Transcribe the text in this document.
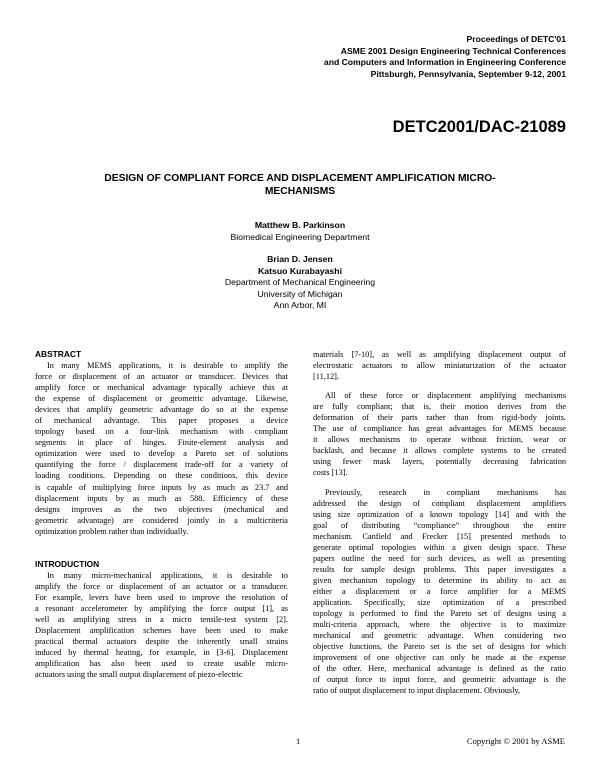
Proceedings of DETC'01
ASME 2001 Design Engineering Technical Conferences
and Computers and Information in Engineering Conference
Pittsburgh, Pennsylvania, September 9-12, 2001
DETC2001/DAC-21089
DESIGN OF COMPLIANT FORCE AND DISPLACEMENT AMPLIFICATION MICRO-
MECHANISMS
Matthew B. Parkinson
Biomedical Engineering Department
Brian D. Jensen
Katsuo Kurabayashi
Department of Mechanical Engineering
University of Michigan
Ann Arbor, MI

ABSTRACT

In many MEMS applications, it is desirable to amplify the
force or displacement of an actuator or transducer. Devices that
amplify force or mechanical advantage typically achieve this at
the expense of displacement or geometric advantage. Likewise,
devices that amplify geometric advantage do so at the expense
of mechanical advantage. This paper proposes a device
topology based on a four-link mechanism with compliant
segments in place of hinges. Finite-element analysis and
optimization were used to develop a Pareto set of solutions
quantifying the force / displacement trade-off for a variety of
loading conditions. Depending on these conditions, this device
is capable of multiplying force inputs by as much as 23.7 and
displacement inputs by as much as 588. Efficiency of these
designs improves as the two objectives (mechanical and
geometric advantage) are considered jointly in a multicriteria
optimization problem rather than individually.

INTRODUCTION

In many micro-mechanical applications, it is desirable to
amplify the force or displacement of an actuator or a transducer.
For example, levers have been used to improve the resolution of
a resonant accelerometer by amplifying the force output [1], as
well as amplifying stress in a micro tensile-test system [2].
Displacement amplification schemes have been used to make
practical thermal actuators despite the inherently small strains
induced by thermal heating, for example, in [3-6]. Displacement
amplification has also been used to create usable micro-
actuators using the small output displacement of piezo-electric
materials [7-10], as well as amplifying displacement output of
electrostatic actuators to allow miniaturization of the actuator
[11,12].
All of these force or displacement amplifying mechanisms
are fully compliant; that is, their motion derives from the
deformation of their parts rather than from rigid-body joints.
The use of compliance has great advantages for MEMS because
it allows mechanisms to operate without friction, wear or
backlash, and because it allows complete systems to be created
using fewer mask layers, potentially decreasing fabrication
costs [13].
Previously, research in compliant mechanisms has
addressed the design of compliant displacement amplifiers
using size optimization of a known topology [14] and with the
goal of distributing “compliance” throughout the entire
mechanism. Canfield and Frecker [15] presented methods to
generate optimal topologies within a given design space. These
papers outline the need for such devices, as well as presenting
results for sample design problems. This paper investigates a
given mechanism topology to determine its ability to act as
either a displacement or a force amplifier for a MEMS
application. Specifically, size optimization of a prescribed
topology is performed to find the Pareto set of designs using a
multi-criteria approach, where the objective is to maximize
mechanical and geometric advantage. When considering two
objective functions, the Pareto set is the set of designs for which
improvement of one objective can only be made at the expense
of the other. Here, mechanical advantage is defined as the ratio
of output force to input force, and geometric advantage is the
ratio of output displacement to input displacement. Obviously,
1	Copyright © 2001 by ASME
